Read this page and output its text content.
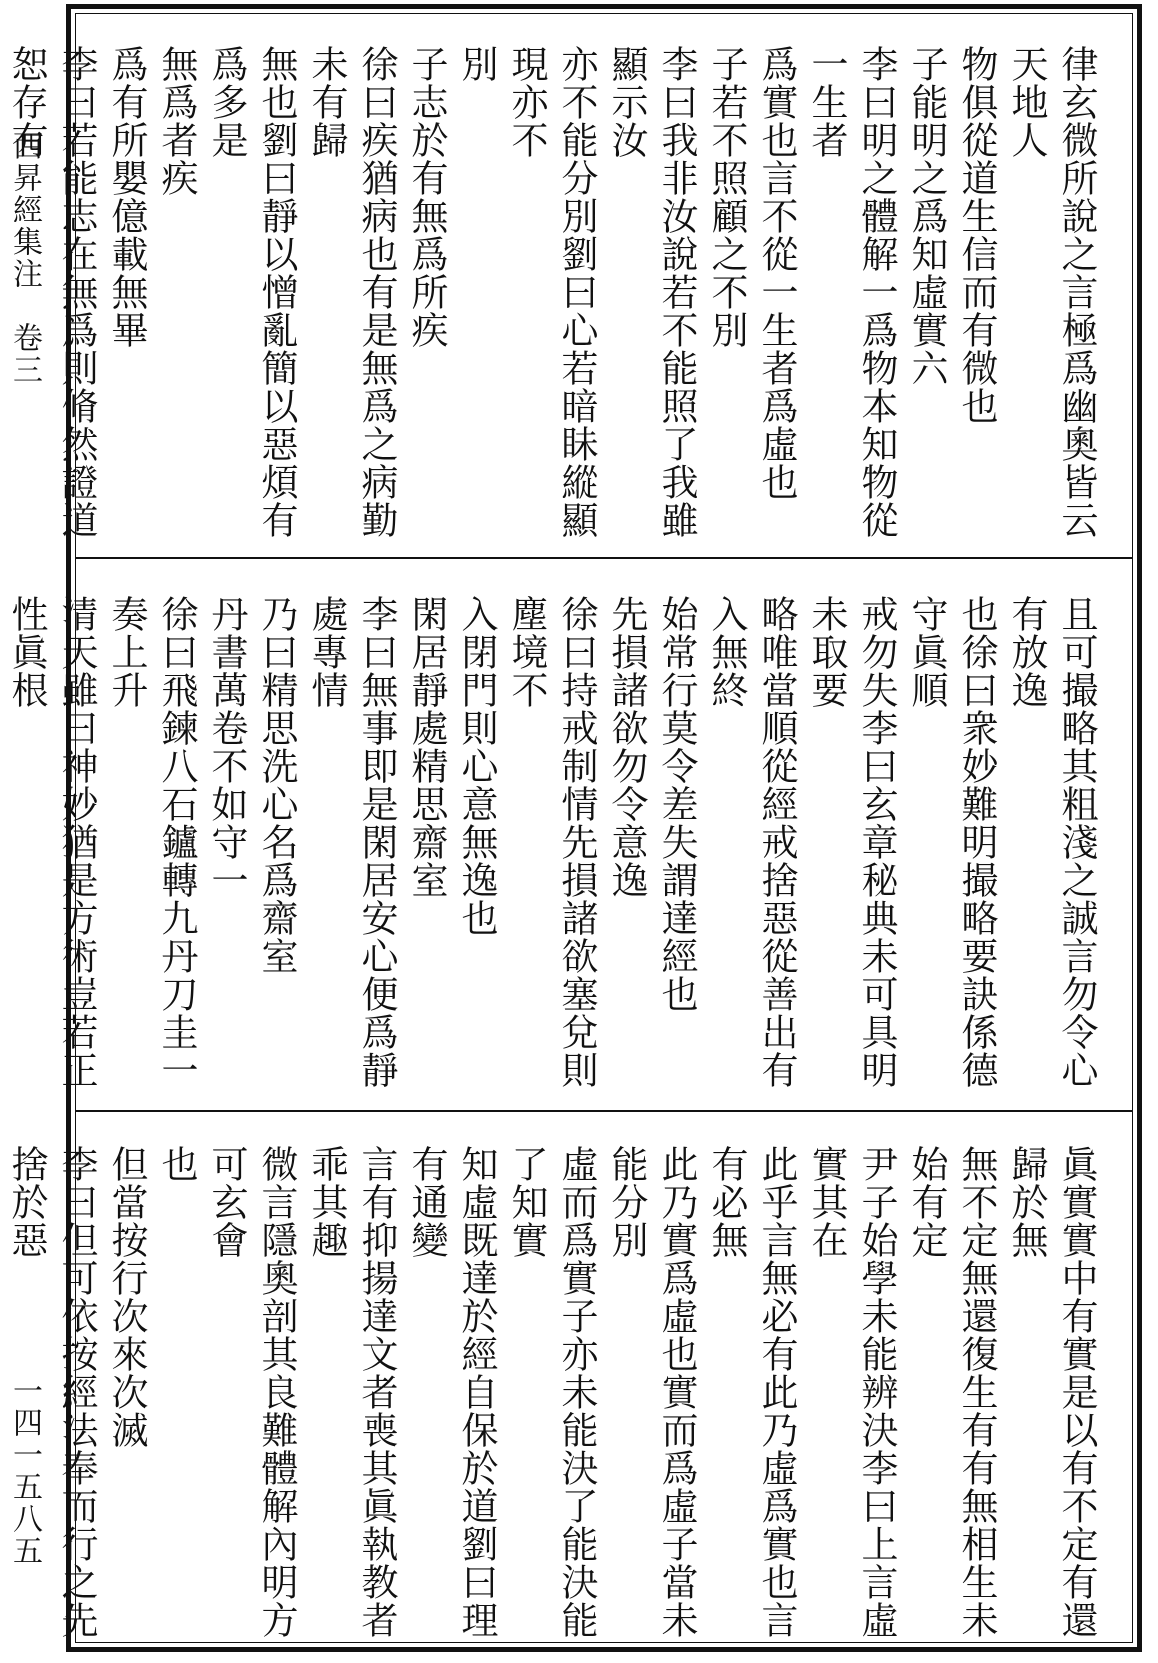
西昇經集注　卷三
一四一五八五

律玄微所說之言極爲幽奧皆云天地人

物俱從道生信而有微也

子能明之爲知虛實六

李曰明之體解一爲物本知物從一生者

爲實也言不從一生者爲虛也

子若不照顧之不別

李曰我非汝說若不能照了我雖顯示汝

亦不能分別劉曰心若暗眛縱顯現亦不

別

子志於有無爲所疾

徐曰疾猶病也有是無爲之病勤未有歸

無也劉曰靜以憎亂簡以惡煩有爲多是

無爲者疾

爲有所嬰億載無畢

李曰若能志在無爲則脩然證道恕存有

且可撮略其粗淺之誠言勿令心有放逸

也徐曰衆妙難明撮略要訣係德守眞順

戒勿失李曰玄章秘典未可具明未取要

略唯當順從經戒捨惡從善出有入無終

始常行莫令差失謂達經也

先損諸欲勿令意逸

徐曰持戒制情先損諸欲塞兌則塵境不

入閉門則心意無逸也

閑居靜處精思齋室

李曰無事即是閑居安心便爲靜處專情

乃曰精思洗心名爲齋室

丹書萬卷不如守一

徐曰飛鍊八石鑪轉九丹刀圭一奏上升

清天雖曰神妙猶是方術豈若正性眞根

眞實實中有實是以有不定有還歸於無

無不定無還復生有有無相生未始有定

尹子始學未能辨決李曰上言虛實其在

此乎言無必有此乃虛爲實也言有必無

此乃實爲虛也實而爲虛子當未能分別

虛而爲實子亦未能決了能決能了知實

知虛既達於經自保於道劉曰理有通變

言有抑揚達文者喪其眞執教者乖其趣

微言隱奧剖其良難體解內明方可玄會

也

但當按行次來次滅

李曰但可依按經法奉而行之先捨於惡
